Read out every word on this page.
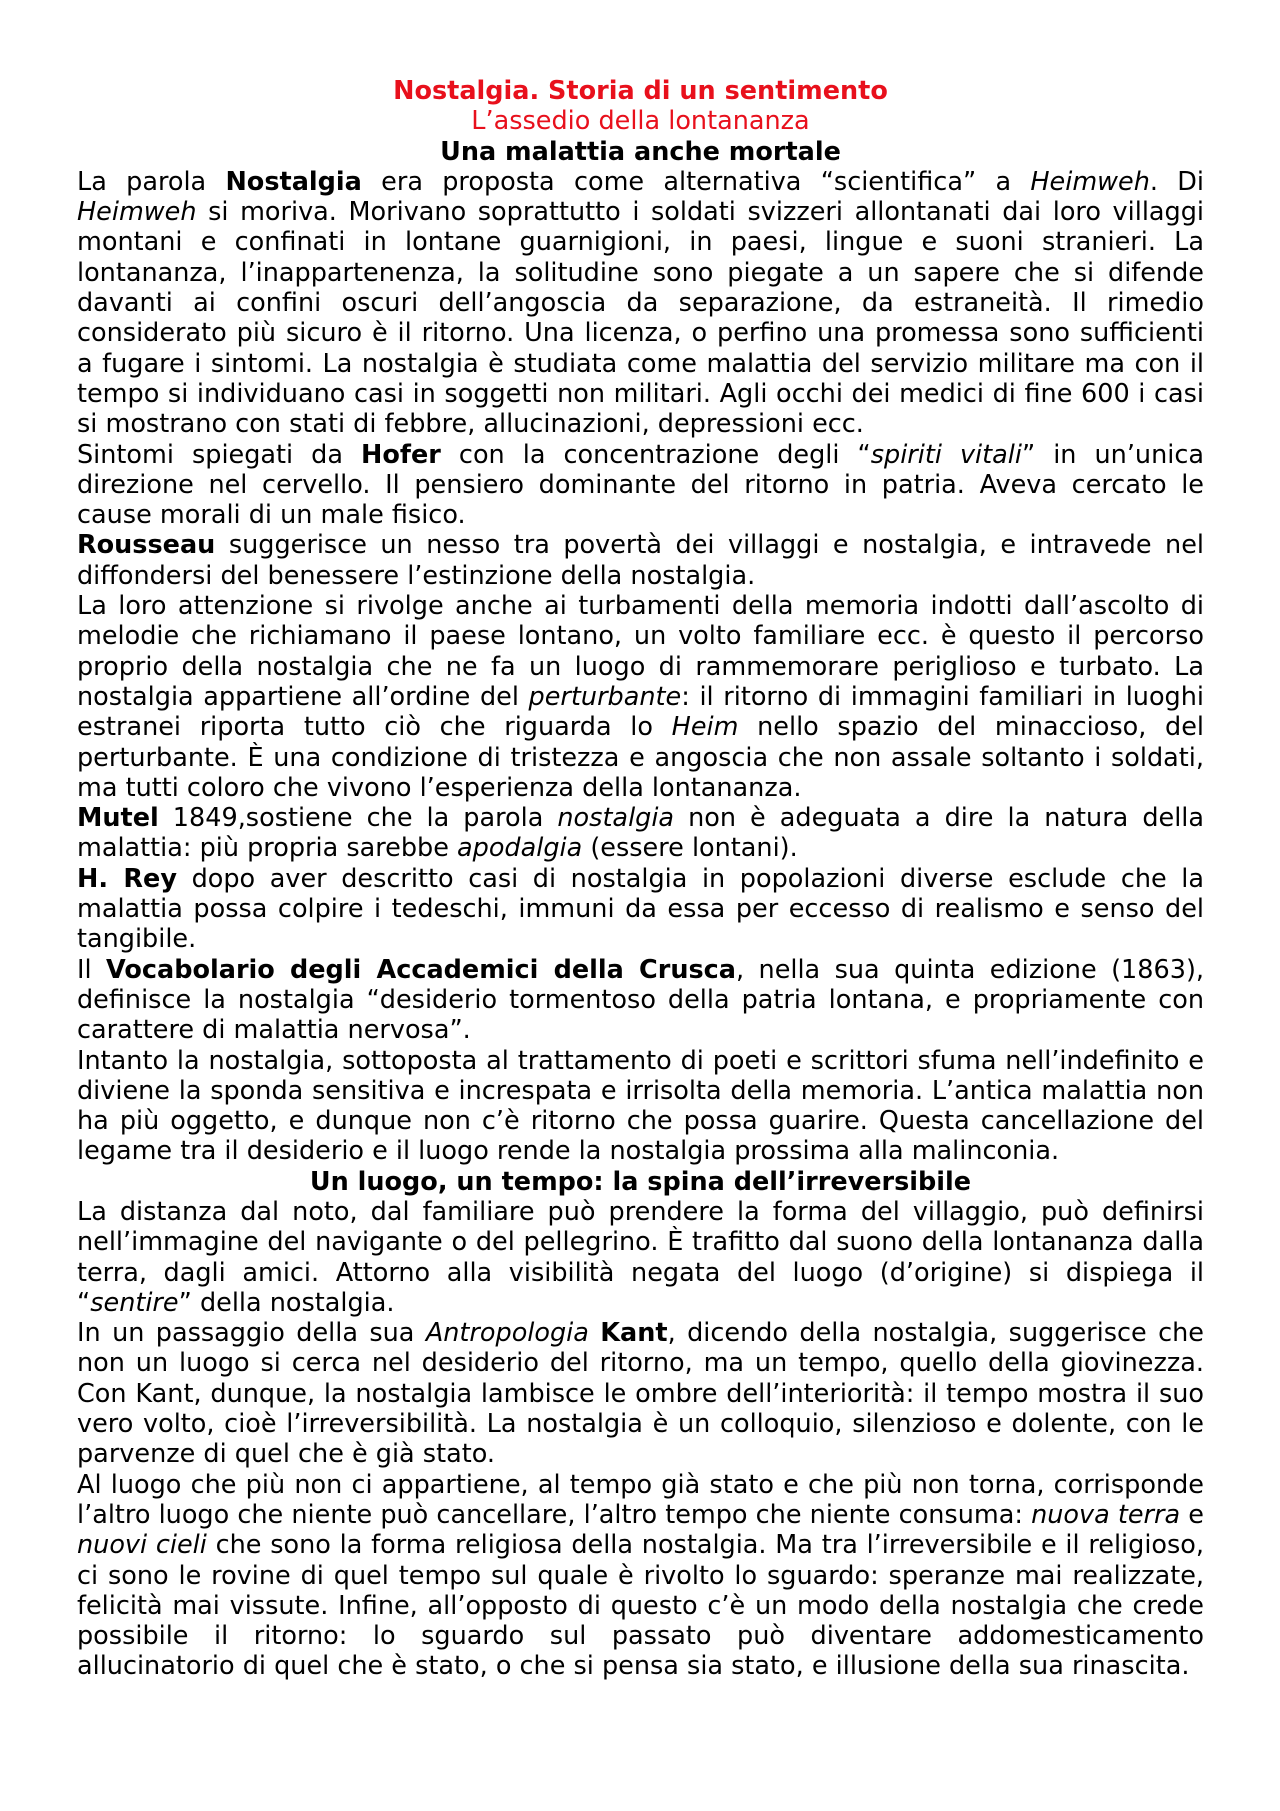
Nostalgia. Storia di un sentimento
L’assedio della lontananza
Una malattia anche mortale

La parola Nostalgia era proposta come alternativa “scientifica” a Heimweh. Di Heimweh si moriva. Morivano soprattutto i soldati svizzeri allontanati dai loro villaggi montani e confinati in lontane guarnigioni, in paesi, lingue e suoni stranieri. La lontananza, l’inappartenenza, la solitudine sono piegate a un sapere che si difende davanti ai confini oscuri dell’angoscia da separazione, da estraneità. Il rimedio considerato più sicuro è il ritorno. Una licenza, o perfino una promessa sono sufficienti a fugare i sintomi. La nostalgia è studiata come malattia del servizio militare ma con il tempo si individuano casi in soggetti non militari. Agli occhi dei medici di fine 600 i casi si mostrano con stati di febbre, allucinazioni, depressioni ecc.

Sintomi spiegati da Hofer con la concentrazione degli “spiriti vitali” in un’unica direzione nel cervello. Il pensiero dominante del ritorno in patria. Aveva cercato le cause morali di un male fisico.

Rousseau suggerisce un nesso tra povertà dei villaggi e nostalgia, e intravede nel diffondersi del benessere l’estinzione della nostalgia.

La loro attenzione si rivolge anche ai turbamenti della memoria indotti dall’ascolto di melodie che richiamano il paese lontano, un volto familiare ecc. è questo il percorso proprio della nostalgia che ne fa un luogo di rammemorare periglioso e turbato. La nostalgia appartiene all’ordine del perturbante: il ritorno di immagini familiari in luoghi estranei riporta tutto ciò che riguarda lo Heim nello spazio del minaccioso, del perturbante. È una condizione di tristezza e angoscia che non assale soltanto i soldati, ma tutti coloro che vivono l’esperienza della lontananza.

Mutel 1849,sostiene che la parola nostalgia non è adeguata a dire la natura della malattia: più propria sarebbe apodalgia (essere lontani).

H. Rey dopo aver descritto casi di nostalgia in popolazioni diverse esclude che la malattia possa colpire i tedeschi, immuni da essa per eccesso di realismo e senso del tangibile.

Il Vocabolario degli Accademici della Crusca, nella sua quinta edizione (1863), definisce la nostalgia “desiderio tormentoso della patria lontana, e propriamente con carattere di malattia nervosa”.

Intanto la nostalgia, sottoposta al trattamento di poeti e scrittori sfuma nell’indefinito e diviene la sponda sensitiva e increspata e irrisolta della memoria. L’antica malattia non ha più oggetto, e dunque non c’è ritorno che possa guarire. Questa cancellazione del legame tra il desiderio e il luogo rende la nostalgia prossima alla malinconia.

Un luogo, un tempo: la spina dell’irreversibile

La distanza dal noto, dal familiare può prendere la forma del villaggio, può definirsi nell’immagine del navigante o del pellegrino. È trafitto dal suono della lontananza dalla terra, dagli amici. Attorno alla visibilità negata del luogo (d’origine) si dispiega il “sentire” della nostalgia.

In un passaggio della sua Antropologia Kant, dicendo della nostalgia, suggerisce che non un luogo si cerca nel desiderio del ritorno, ma un tempo, quello della giovinezza. Con Kant, dunque, la nostalgia lambisce le ombre dell’interiorità: il tempo mostra il suo vero volto, cioè l’irreversibilità. La nostalgia è un colloquio, silenzioso e dolente, con le parvenze di quel che è già stato.

Al luogo che più non ci appartiene, al tempo già stato e che più non torna, corrisponde l’altro luogo che niente può cancellare, l’altro tempo che niente consuma: nuova terra e nuovi cieli che sono la forma religiosa della nostalgia. Ma tra l’irreversibile e il religioso, ci sono le rovine di quel tempo sul quale è rivolto lo sguardo: speranze mai realizzate, felicità mai vissute. Infine, all’opposto di questo c’è un modo della nostalgia che crede possibile il ritorno: lo sguardo sul passato può diventare addomesticamento allucinatorio di quel che è stato, o che si pensa sia stato, e illusione della sua rinascita.
